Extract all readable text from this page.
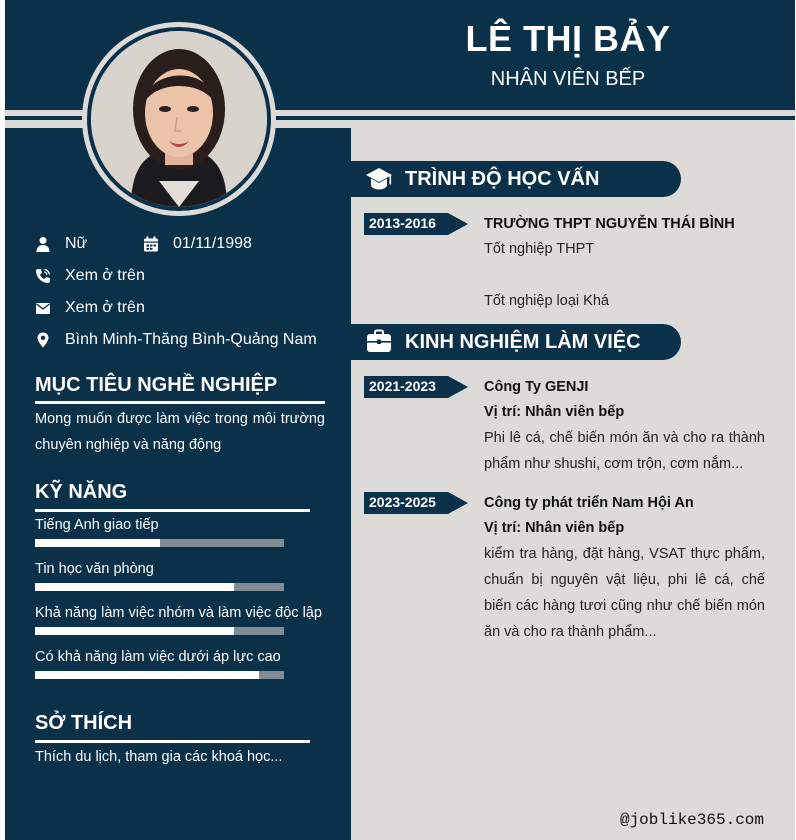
LÊ THỊ BẢY
NHÂN VIÊN BẾP
Nữ	01/11/1998
Xem ở trên
Xem ở trên
Bình Minh-Thăng Bình-Quảng Nam
MỤC TIÊU NGHỀ NGHIỆP
Mong muốn được làm việc trong môi trường chuyên nghiệp và năng động
KỸ NĂNG
Tiếng Anh giao tiếp
Tin học văn phòng
Khả năng làm việc nhóm và làm việc độc lập
Có khả năng làm việc dưới áp lực cao
SỞ THÍCH
Thích du lịch, tham gia các khoá học...
TRÌNH ĐỘ HỌC VẤN
2013-2016	TRƯỜNG THPT NGUYỄN THÁI BÌNH
Tốt nghiệp THPT
Tốt nghiệp loại Khá
KINH NGHIỆM LÀM VIỆC
2021-2023	Công Ty GENJI
Vị trí: Nhân viên bếp
Phi lê cá, chế biến món ăn và cho ra thành phẩm như shushi, cơm trộn, cơm nắm...
2023-2025	Công ty phát triển Nam Hội An
Vị trí: Nhân viên bếp
kiểm tra hàng, đặt hàng, VSAT thực phẩm, chuẩn bị nguyên vật liệu, phi lê cá, chế biến các hàng tươi cũng như chế biến món ăn và cho ra thành phẩm...
@joblike365.com
